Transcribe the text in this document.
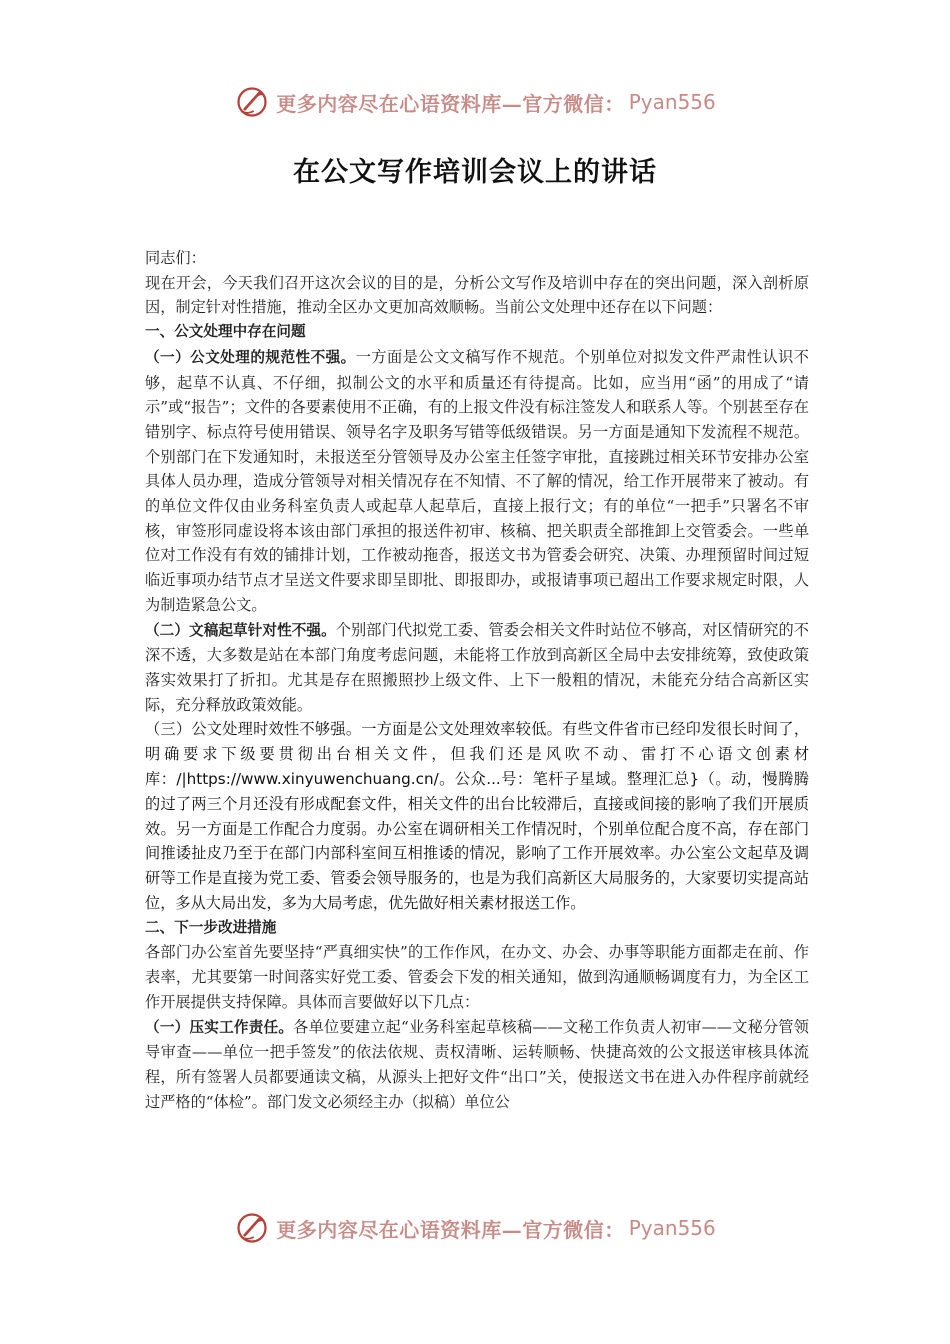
更多内容尽在心语资料库—官方微信： Pyan556
在公文写作培训会议上的讲话

同志们：

现在开会，今天我们召开这次会议的目的是，分析公文写作及培训中存在的突出问题，深入剖析原因，制定针对性措施，推动全区办文更加高效顺畅。当前公文处理中还存在以下问题：

一、公文处理中存在问题

（一）公文处理的规范性不强。一方面是公文文稿写作不规范。个别单位对拟发文件严肃性认识不够，起草不认真、不仔细，拟制公文的水平和质量还有待提高。比如，应当用“函”的用成了“请示”或“报告”；文件的各要素使用不正确，有的上报文件没有标注签发人和联系人等。个别甚至存在错别字、标点符号使用错误、领导名字及职务写错等低级错误。另一方面是通知下发流程不规范。个别部门在下发通知时，未报送至分管领导及办公室主任签字审批，直接跳过相关环节安排办公室具体人员办理，造成分管领导对相关情况存在不知情、不了解的情况，给工作开展带来了被动。有的单位文件仅由业务科室负责人或起草人起草后，直接上报行文；有的单位“一把手”只署名不审核，审签形同虚设将本该由部门承担的报送件初审、核稿、把关职责全部推卸上交管委会。一些单位对工作没有有效的铺排计划，工作被动拖沓，报送文书为管委会研究、决策、办理预留时间过短临近事项办结节点才呈送文件要求即呈即批、即报即办，或报请事项已超出工作要求规定时限，人为制造紧急公文。

（二）文稿起草针对性不强。个别部门代拟党工委、管委会相关文件时站位不够高，对区情研究的不深不透，大多数是站在本部门角度考虑问题，未能将工作放到高新区全局中去安排统筹，致使政策落实效果打了折扣。尤其是存在照搬照抄上级文件、上下一般粗的情况，未能充分结合高新区实际，充分释放政策效能。

（三）公文处理时效性不够强。一方面是公文处理效率较低。有些文件省市已经印发很长时间了，明确要求下级要贯彻出台相关文件，但我们还是风吹不动、雷打不心语文创素材库：/|https://www.xinyuwenchuang.cn/。公众...号：笔杆子星域。整理汇总}（。动，慢腾腾的过了两三个月还没有形成配套文件，相关文件的出台比较滞后，直接或间接的影响了我们开展质效。另一方面是工作配合力度弱。办公室在调研相关工作情况时，个别单位配合度不高，存在部门间推诿扯皮乃至于在部门内部科室间互相推诿的情况，影响了工作开展效率。办公室公文起草及调研等工作是直接为党工委、管委会领导服务的，也是为我们高新区大局服务的，大家要切实提高站位，多从大局出发，多为大局考虑，优先做好相关素材报送工作。

二、下一步改进措施

各部门办公室首先要坚持“严真细实快”的工作作风，在办文、办会、办事等职能方面都走在前、作表率，尤其要第一时间落实好党工委、管委会下发的相关通知，做到沟通顺畅调度有力，为全区工作开展提供支持保障。具体而言要做好以下几点：

（一）压实工作责任。各单位要建立起“业务科室起草核稿——文秘工作负责人初审——文秘分管领导审查——单位一把手签发”的依法依规、责权清晰、运转顺畅、快捷高效的公文报送审核具体流程，所有签署人员都要通读文稿，从源头上把好文件“出口”关，使报送文书在进入办件程序前就经过严格的“体检”。部门发文必须经主办（拟稿）单位公

更多内容尽在心语资料库—官方微信： Pyan556
